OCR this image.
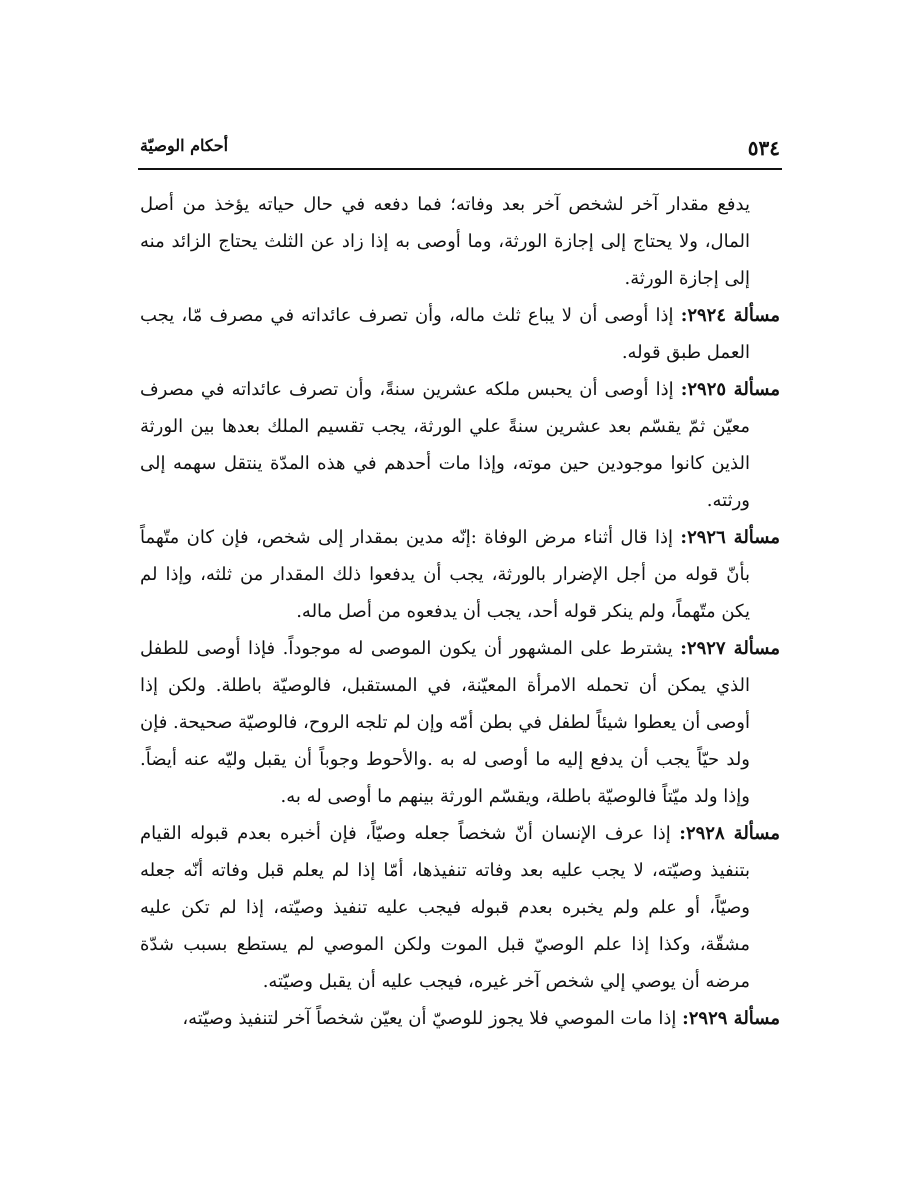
٥٣٤
أحكام الوصيّة

يدفع مقدار آخر لشخص آخر بعد وفاته؛ فما دفعه في حال حياته يؤخذ من أصل المال، ولا يحتاج إلى إجازة الورثة، وما أوصى به إذا زاد عن الثلث يحتاج الزائد منه إلى إجازة الورثة.

مسألة ٢٩٢٤: إذا أوصى أن لا يباع ثلث ماله، وأن تصرف عائداته في مصرف مّا، يجب العمل طبق قوله.

مسألة ٢٩٢٥: إذا أوصى أن يحبس ملكه عشرين سنةً، وأن تصرف عائداته في مصرف معيّن ثمّ يقسّم بعد عشرين سنةً علي الورثة، يجب تقسيم الملك بعدها بين الورثة الذين كانوا موجودين حين موته، وإذا مات أحدهم في هذه المدّة ينتقل سهمه إلى ورثته.

مسألة ٢٩٢٦: إذا قال أثناء مرض الوفاة :إنّه مدين بمقدار إلى شخص، فإن كان متّهماً بأنّ قوله من أجل الإضرار بالورثة، يجب أن يدفعوا ذلك المقدار من ثلثه، وإذا لم يكن متّهماً، ولم ينكر قوله أحد، يجب أن يدفعوه من أصل ماله.

مسألة ٢٩٢٧: يشترط على المشهور أن يكون الموصى له موجوداً. فإذا أوصى للطفل الذي يمكن أن تحمله الامرأة المعيّنة، في المستقبل، فالوصيّة باطلة. ولكن إذا أوصى أن يعطوا شيئاً لطفل في بطن أمّه وإن لم تلجه الروح، فالوصيّة صحيحة. فإن ولد حيّاً يجب أن يدفع إليه ما أوصى له به .والأحوط وجوباً أن يقبل وليّه عنه أيضاً. وإذا ولد ميّتاً فالوصيّة باطلة، ويقسّم الورثة بينهم ما أوصى له به.

مسألة ٢٩٢٨: إذا عرف الإنسان أنّ شخصاً جعله وصيّاً، فإن أخبره بعدم قبوله القيام بتنفيذ وصيّته، لا يجب عليه بعد وفاته تنفيذها، أمّا إذا لم يعلم قبل وفاته أنّه جعله وصيّاً، أو علم ولم يخبره بعدم قبوله فيجب عليه تنفيذ وصيّته، إذا لم تكن عليه مشقّة، وكذا إذا علم الوصيّ قبل الموت ولكن الموصي لم يستطع بسبب شدّة مرضه أن يوصي إلي شخص آخر غيره، فيجب عليه أن يقبل وصيّته.

مسألة ٢٩٢٩: إذا مات الموصي فلا يجوز للوصيّ أن يعيّن شخصاً آخر لتنفيذ وصيّته،
